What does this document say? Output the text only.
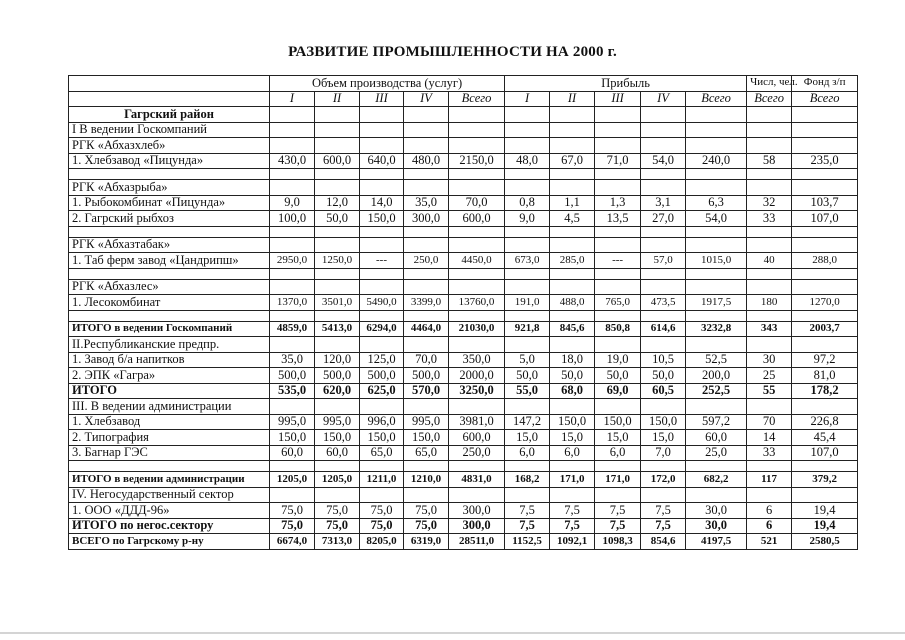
РАЗВИТИЕ ПРОМЫШЛЕННОСТИ НА 2000 г.
	Объем производства (услуг)					Прибыль					Числ, чел.	Фонд з/п
	I	II	III	IV	Всего	I	II	III	IV	Всего	Всего	Всего
Гагрский район												
I В ведении Госкомпаний												
РГК «Абхазхлеб»												
1. Хлебзавод «Пицунда»	430,0	600,0	640,0	480,0	2150,0	48,0	67,0	71,0	54,0	240,0	58	235,0

РГК «Абхазрыба»												
1. Рыбокомбинат «Пицунда»	9,0	12,0	14,0	35,0	70,0	0,8	1,1	1,3	3,1	6,3	32	103,7
2. Гагрский рыбхоз	100,0	50,0	150,0	300,0	600,0	9,0	4,5	13,5	27,0	54,0	33	107,0

РГК «Абхазтабак»												
1. Таб ферм завод «Цандрипш»	2950,0	1250,0	---	250,0	4450,0	673,0	285,0	---	57,0	1015,0	40	288,0

РГК «Абхазлес»												
1. Лесокомбинат	1370,0	3501,0	5490,0	3399,0	13760,0	191,0	488,0	765,0	473,5	1917,5	180	1270,0

ИТОГО в ведении Госкомпаний	4859,0	5413,0	6294,0	4464,0	21030,0	921,8	845,6	850,8	614,6	3232,8	343	2003,7
II.Республиканские предпр.												
1. Завод б/а напитков	35,0	120,0	125,0	70,0	350,0	5,0	18,0	19,0	10,5	52,5	30	97,2
2. ЭПК «Гагра»	500,0	500,0	500,0	500,0	2000,0	50,0	50,0	50,0	50,0	200,0	25	81,0
ИТОГО	535,0	620,0	625,0	570,0	3250,0	55,0	68,0	69,0	60,5	252,5	55	178,2
III. В ведении администрации												
1. Хлебзавод	995,0	995,0	996,0	995,0	3981,0	147,2	150,0	150,0	150,0	597,2	70	226,8
2. Типография	150,0	150,0	150,0	150,0	600,0	15,0	15,0	15,0	15,0	60,0	14	45,4
3. Багнар ГЭС	60,0	60,0	65,0	65,0	250,0	6,0	6,0	6,0	7,0	25,0	33	107,0

ИТОГО в ведении администрации	1205,0	1205,0	1211,0	1210,0	4831,0	168,2	171,0	171,0	172,0	682,2	117	379,2
IV. Негосударственный сектор												
1. ООО «ДДД-96»	75,0	75,0	75,0	75,0	300,0	7,5	7,5	7,5	7,5	30,0	6	19,4
ИТОГО по негос.сектору	75,0	75,0	75,0	75,0	300,0	7,5	7,5	7,5	7,5	30,0	6	19,4
ВСЕГО по Гагрскому р-ну	6674,0	7313,0	8205,0	6319,0	28511,0	1152,5	1092,1	1098,3	854,6	4197,5	521	2580,5
